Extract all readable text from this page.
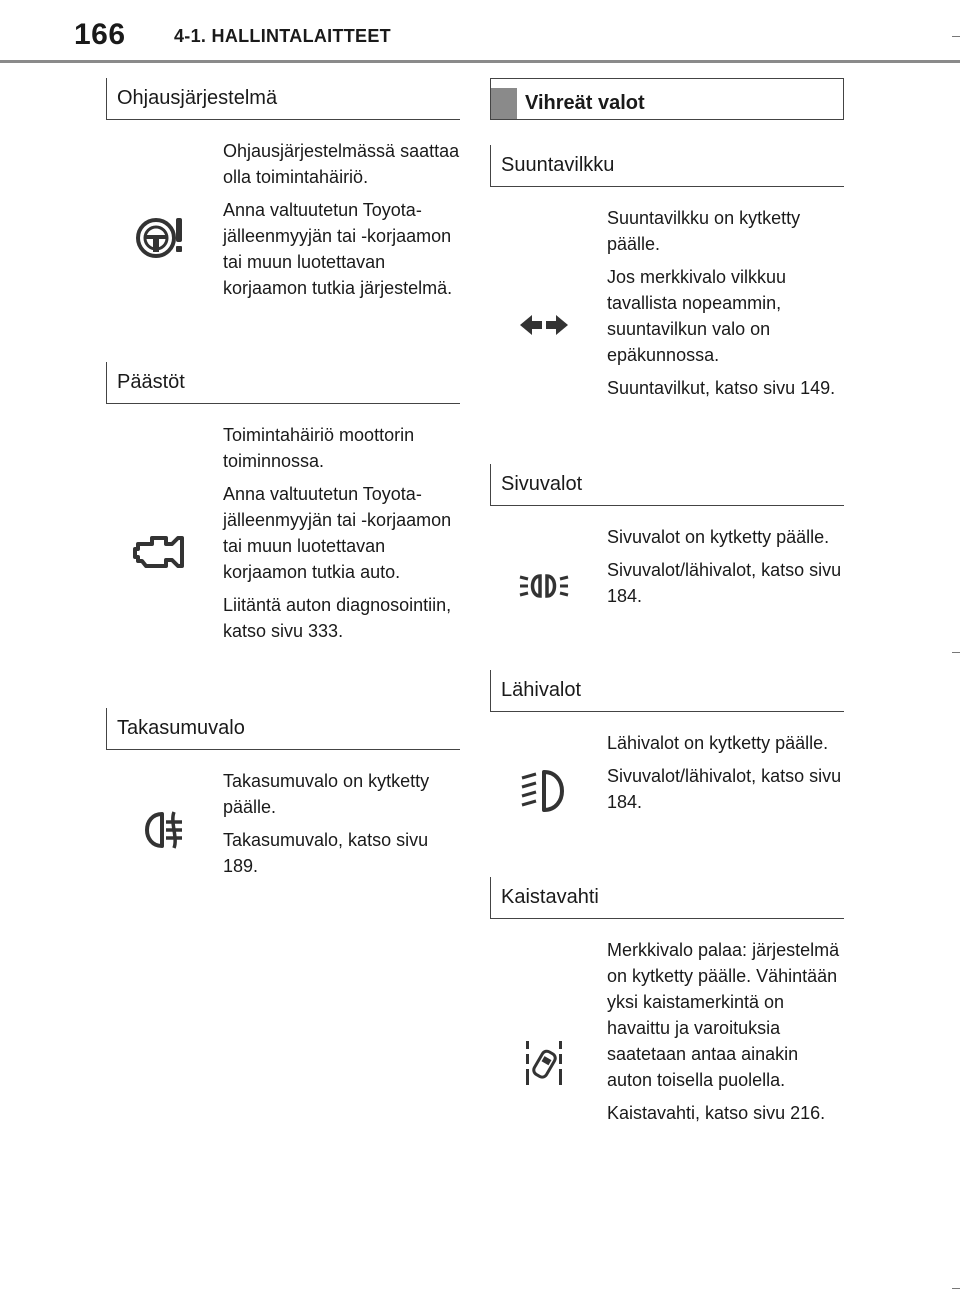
166	4-1. HALLINTALAITTEET
Ohjausjärjestelmä

Ohjausjärjestelmässä saattaa olla toimintahäiriö.

Anna valtuutetun Toyota-jälleenmyyjän tai -korjaamon tai muun luotettavan korjaamon tutkia järjestelmä.

Päästöt

Toimintahäiriö moottorin toiminnossa.

Anna valtuutetun Toyota-jälleenmyyjän tai -korjaamon tai muun luotettavan korjaamon tutkia auto.

Liitäntä auton diagnosointiin, katso sivu 333.

Takasumuvalo

Takasumuvalo on kytketty päälle.

Takasumuvalo, katso sivu 189.

Vihreät valot
Suuntavilkku

Suuntavilkku on kytketty päälle.

Jos merkkivalo vilkkuu tavallista nopeammin, suuntavilkun valo on epäkunnossa.

Suuntavilkut, katso sivu 149.

Sivuvalot

Sivuvalot on kytketty päälle.

Sivuvalot/lähivalot, katso sivu 184.

Lähivalot

Lähivalot on kytketty päälle.

Sivuvalot/lähivalot, katso sivu 184.

Kaistavahti

Merkkivalo palaa: järjestelmä on kytketty päälle. Vähintään yksi kaistamerkintä on havaittu ja varoituksia saatetaan antaa ainakin auton toisella puolella.

Kaistavahti, katso sivu 216.
